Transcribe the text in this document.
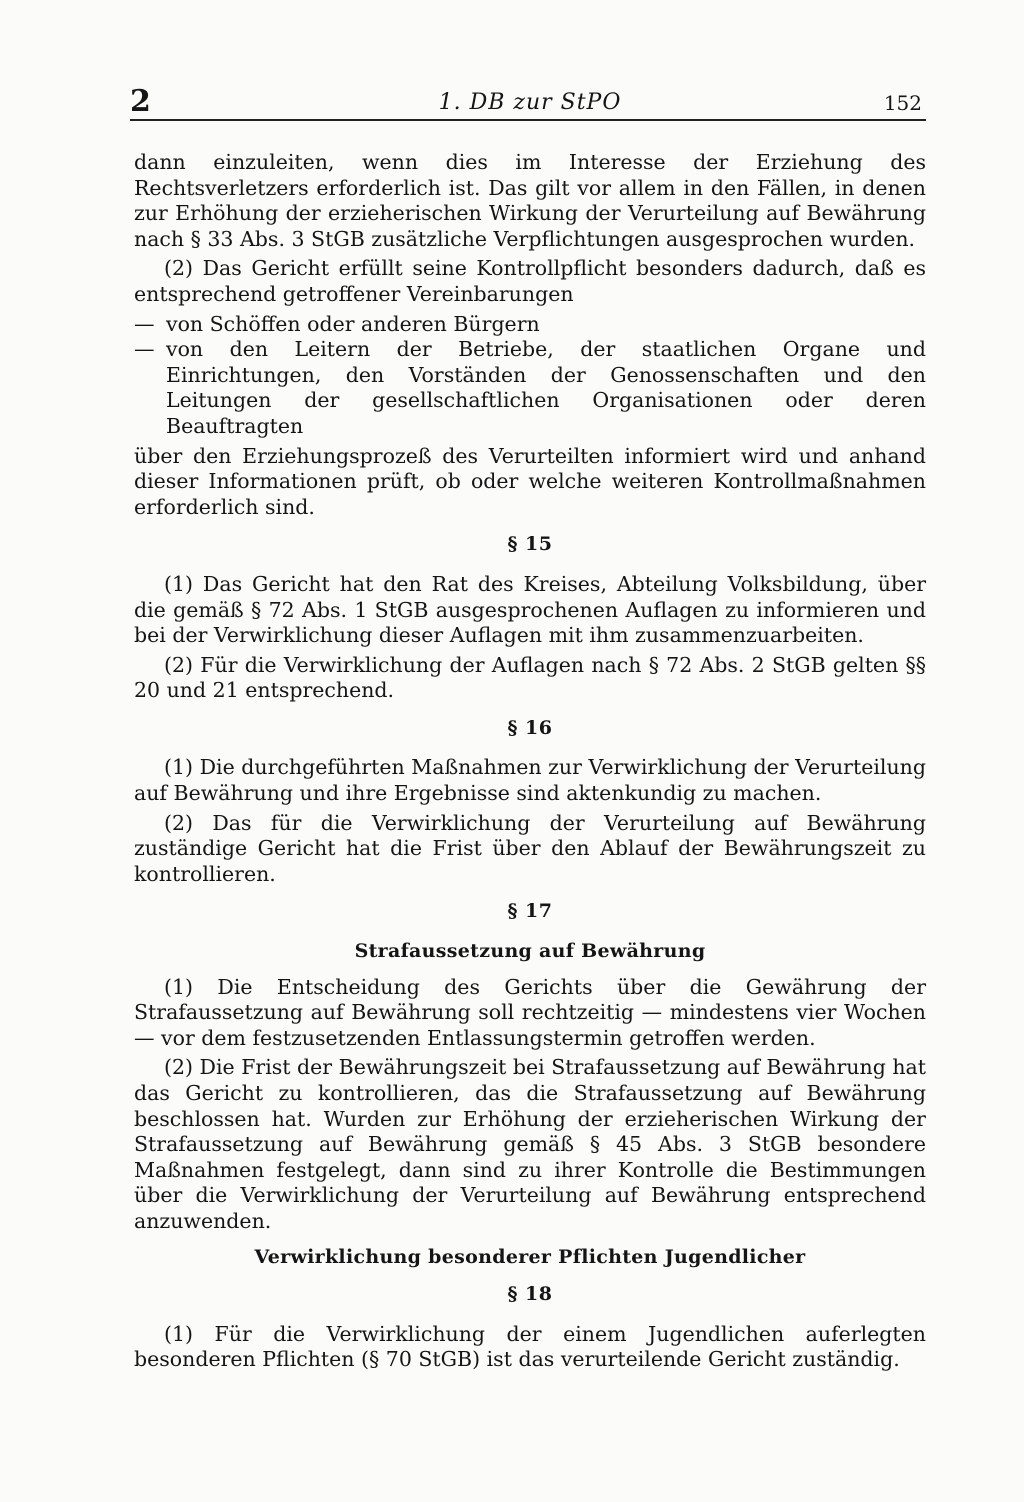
2	1. DB zur StPO	152

dann einzuleiten, wenn dies im Interesse der Erziehung des Rechtsverletzers erforderlich ist. Das gilt vor allem in den Fällen, in denen zur Erhöhung der erzieherischen Wirkung der Verurteilung auf Bewährung nach § 33 Abs. 3 StGB zusätzliche Verpflichtungen ausgesprochen wurden.

(2) Das Gericht erfüllt seine Kontrollpflicht besonders dadurch, daß es entsprechend getroffener Vereinbarungen

— von Schöffen oder anderen Bürgern
— von den Leitern der Betriebe, der staatlichen Organe und Einrichtungen, den Vorständen der Genossenschaften und den Leitungen der gesellschaftlichen Organisationen oder deren Beauftragten

über den Erziehungsprozeß des Verurteilten informiert wird und anhand dieser Informationen prüft, ob oder welche weiteren Kontrollmaßnahmen erforderlich sind.

§ 15

(1) Das Gericht hat den Rat des Kreises, Abteilung Volksbildung, über die gemäß § 72 Abs. 1 StGB ausgesprochenen Auflagen zu informieren und bei der Verwirklichung dieser Auflagen mit ihm zusammenzuarbeiten.

(2) Für die Verwirklichung der Auflagen nach § 72 Abs. 2 StGB gelten §§ 20 und 21 entsprechend.

§ 16

(1) Die durchgeführten Maßnahmen zur Verwirklichung der Verurteilung auf Bewährung und ihre Ergebnisse sind aktenkundig zu machen.

(2) Das für die Verwirklichung der Verurteilung auf Bewährung zuständige Gericht hat die Frist über den Ablauf der Bewährungszeit zu kontrollieren.

§ 17
Strafaussetzung auf Bewährung

(1) Die Entscheidung des Gerichts über die Gewährung der Strafaussetzung auf Bewährung soll rechtzeitig — mindestens vier Wochen — vor dem festzusetzenden Entlassungstermin getroffen werden.

(2) Die Frist der Bewährungszeit bei Strafaussetzung auf Bewährung hat das Gericht zu kontrollieren, das die Strafaussetzung auf Bewährung beschlossen hat. Wurden zur Erhöhung der erzieherischen Wirkung der Strafaussetzung auf Bewährung gemäß § 45 Abs. 3 StGB besondere Maßnahmen festgelegt, dann sind zu ihrer Kontrolle die Bestimmungen über die Verwirklichung der Verurteilung auf Bewährung entsprechend anzuwenden.

Verwirklichung besonderer Pflichten Jugendlicher
§ 18

(1) Für die Verwirklichung der einem Jugendlichen auferlegten besonderen Pflichten (§ 70 StGB) ist das verurteilende Gericht zuständig.
